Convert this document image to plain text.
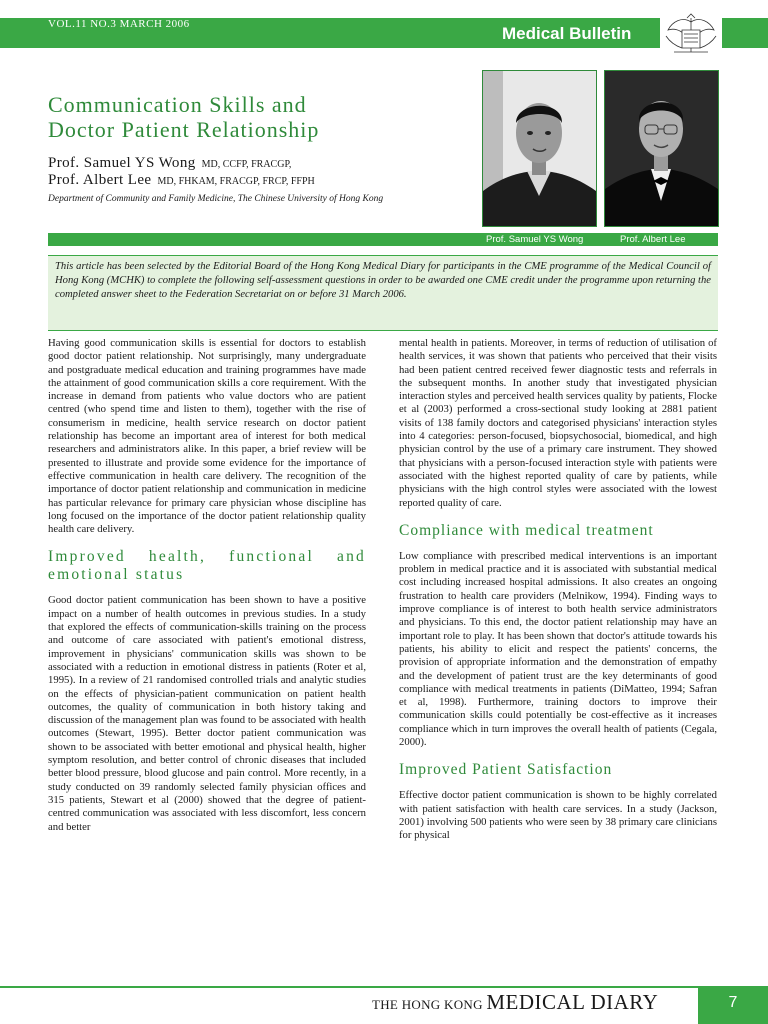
VOL.11 NO.3 MARCH 2006	Medical Bulletin
Communication Skills and
Doctor Patient Relationship
Prof. Samuel YS Wong MD, CCFP, FRACGP,
Prof. Albert Lee MD, FHKAM, FRACGP, FRCP, FFPH
Department of Community and Family Medicine, The Chinese University of Hong Kong
Prof. Samuel YS Wong	Prof. Albert Lee
This article has been selected by the Editorial Board of the Hong Kong Medical Diary for participants in the CME programme of the Medical Council of Hong Kong (MCHK) to complete the following self-assessment questions in order to be awarded one CME credit under the programme upon returning the completed answer sheet to the Federation Secretariat on or before 31 March 2006.

Having good communication skills is essential for doctors to establish good doctor patient relationship. Not surprisingly, many undergraduate and postgraduate medical education and training programmes have made the attainment of good communication skills a core requirement. With the increase in demand from patients who value doctors who are patient centred (who spend time and listen to them), together with the rise of consumerism in medicine, health service research on doctor patient relationship has become an important area of interest for both medical researchers and administrators alike. In this paper, a brief review will be presented to illustrate and provide some evidence for the importance of effective communication in health care delivery. The recognition of the importance of doctor patient relationship and communication in medicine has particular relevance for primary care physician whose discipline has long focused on the importance of the doctor patient relationship quality health care delivery.

Improved health, functional and emotional status

Good doctor patient communication has been shown to have a positive impact on a number of health outcomes in previous studies. In a study that explored the effects of communication-skills training on the process and outcome of care associated with patient's emotional distress, improvement in physicians' communication skills was shown to be associated with a reduction in emotional distress in patients (Roter et al, 1995). In a review of 21 randomised controlled trials and analytic studies on the effects of physician-patient communication on patient health outcomes, the quality of communication in both history taking and discussion of the management plan was found to be associated with health outcomes (Stewart, 1995). Better doctor patient communication was shown to be associated with better emotional and physical health, higher symptom resolution, and better control of chronic diseases that included better blood pressure, blood glucose and pain control. More recently, in a study conducted on 39 randomly selected family physician offices and 315 patients, Stewart et al (2000) showed that the degree of patient-centred communication was associated with less discomfort, less concern and better

mental health in patients. Moreover, in terms of reduction of utilisation of health services, it was shown that patients who perceived that their visits had been patient centred received fewer diagnostic tests and referrals in the subsequent months. In another study that investigated physician interaction styles and perceived health services quality by patients, Flocke et al (2003) performed a cross-sectional study looking at 2881 patient visits of 138 family doctors and categorised physicians' interaction styles into 4 categories: person-focused, biopsychosocial, biomedical, and high physician control by the use of a primary care instrument. They showed that physicians with a person-focused interaction style with patients were associated with the highest reported quality of care by patients, while physicians with the high control styles were associated with the lowest reported quality of care.

Compliance with medical treatment

Low compliance with prescribed medical interventions is an important problem in medical practice and it is associated with substantial medical cost including increased hospital admissions. It also creates an ongoing frustration to health care providers (Melnikow, 1994). Finding ways to improve compliance is of interest to both health service administrators and physicians. To this end, the doctor patient relationship may have an important role to play. It has been shown that doctor's attitude towards his patients, his ability to elicit and respect the patients' concerns, the provision of appropriate information and the demonstration of empathy and the development of patient trust are the key determinants of good compliance with medical treatments in patients (DiMatteo, 1994; Safran et al, 1998). Furthermore, training doctors to improve their communication skills could potentially be cost-effective as it increases compliance which in turn improves the overall health of patients (Cegala, 2000).

Improved Patient Satisfaction

Effective doctor patient communication is shown to be highly correlated with patient satisfaction with health care services. In a study (Jackson, 2001) involving 500 patients who were seen by 38 primary care clinicians for physical

THE HONG KONG MEDICAL DIARY	7
